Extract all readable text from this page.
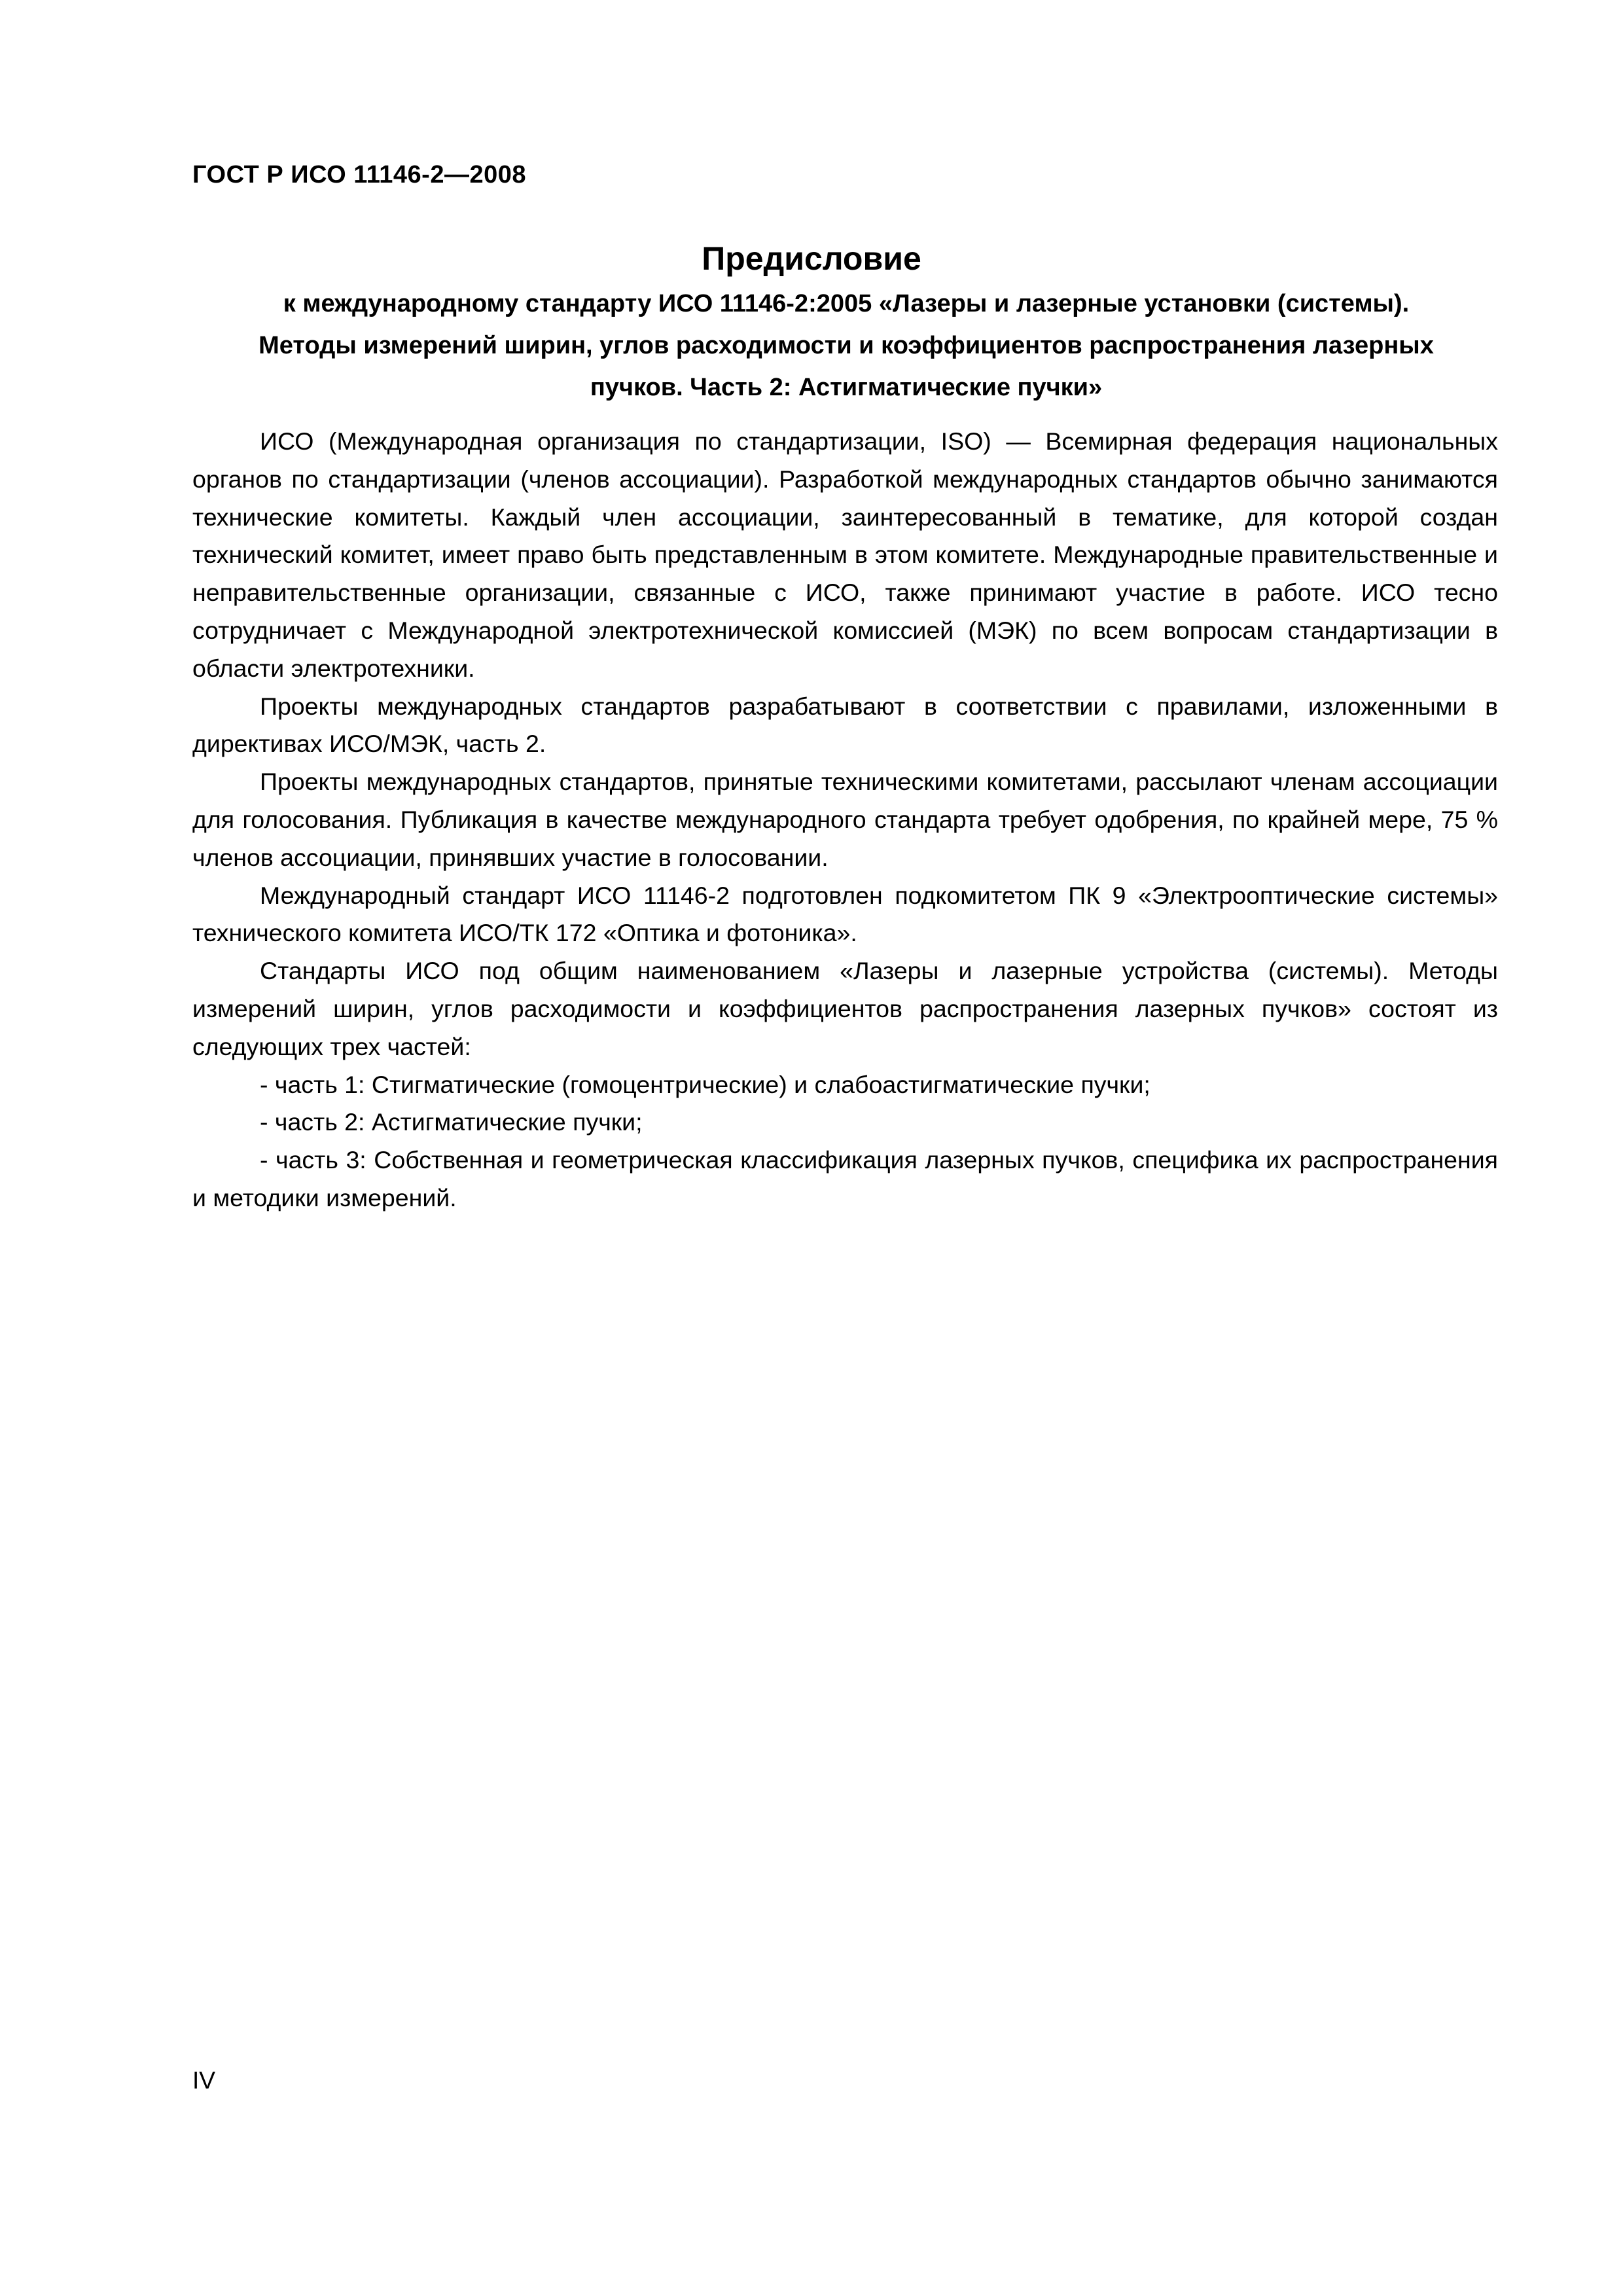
ГОСТ Р ИСО 11146-2—2008
Предисловие
к международному стандарту ИСО 11146-2:2005 «Лазеры и лазерные установки (системы).
Методы измерений ширин, углов расходимости и коэффициентов распространения лазерных
пучков. Часть 2: Астигматические пучки»

ИСО (Международная организация по стандартизации, ISO) — Всемирная федерация национальных органов по стандартизации (членов ассоциации). Разработкой международных стандартов обычно занимаются технические комитеты. Каждый член ассоциации, заинтересованный в тематике, для которой создан технический комитет, имеет право быть представленным в этом комитете. Международные правительственные и неправительственные организации, связанные с ИСО, также принимают участие в работе. ИСО тесно сотрудничает с Международной электротехнической комиссией (МЭК) по всем вопросам стандартизации в области электротехники.

Проекты международных стандартов разрабатывают в соответствии с правилами, изложенными в директивах ИСО/МЭК, часть 2.

Проекты международных стандартов, принятые техническими комитетами, рассылают членам ассоциации для голосования. Публикация в качестве международного стандарта требует одобрения, по крайней мере, 75 % членов ассоциации, принявших участие в голосовании.

Международный стандарт ИСО 11146-2 подготовлен подкомитетом ПК 9 «Электрооптические системы» технического комитета ИСО/ТК 172 «Оптика и фотоника».

Стандарты ИСО под общим наименованием «Лазеры и лазерные устройства (системы). Методы измерений ширин, углов расходимости и коэффициентов распространения лазерных пучков» состоят из следующих трех частей:

- часть 1: Стигматические (гомоцентрические) и слабоастигматические пучки;

- часть 2: Астигматические пучки;

- часть 3: Собственная и геометрическая классификация лазерных пучков, специфика их распространения и методики измерений.

IV
